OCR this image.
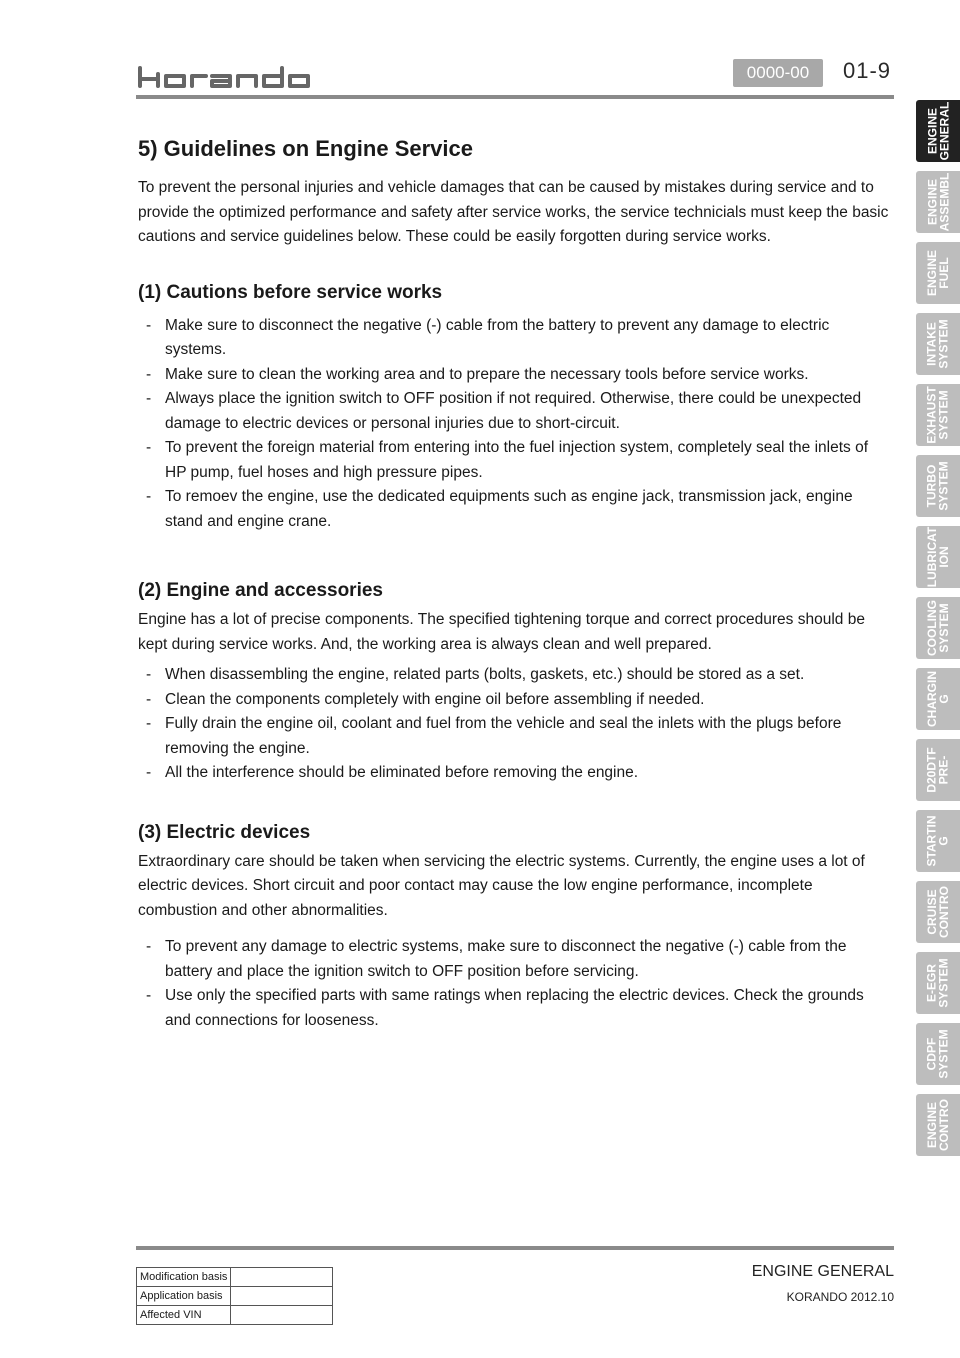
0000-00	01-9
ENGINE
GENERAL
ENGINE
ASSEMBL
ENGINE
FUEL
INTAKE
SYSTEM
EXHAUST
SYSTEM
TURBO
SYSTEM
LUBRICAT
ION
COOLING
SYSTEM
CHARGIN
G
D20DTF
PRE-
STARTIN
G
CRUISE
CONTRO
E-EGR
SYSTEM
CDPF
SYSTEM
ENGINE
CONTRO
5) Guidelines on Engine Service

To prevent the personal injuries and vehicle damages that can be caused by mistakes during service and to provide the optimized performance and safety after service works, the service technicials must keep the basic cautions and service guidelines below. These could be easily forgotten during service works.

(1) Cautions before service works
- Make sure to disconnect the negative (-) cable from the battery to prevent any damage to electric systems.
- Make sure to clean the working area and to prepare the necessary tools before service works.
- Always place the ignition switch to OFF position if not required. Otherwise, there could be unexpected damage to electric devices or personal injuries due to short-circuit.
- To prevent the foreign material from entering into the fuel injection system, completely seal the inlets of HP pump, fuel hoses and high pressure pipes.
- To remoev the engine, use the dedicated equipments such as engine jack, transmission jack, engine stand and engine crane.
(2) Engine and accessories

Engine has a lot of precise components. The specified tightening torque and correct procedures should be kept during service works. And, the working area is always clean and well prepared.

- When disassembling the engine, related parts (bolts, gaskets, etc.) should be stored as a set.
- Clean the components completely with engine oil before assembling if needed.
- Fully drain the engine oil, coolant and fuel from the vehicle and seal the inlets with the plugs before removing the engine.
- All the interference should be eliminated before removing the engine.
(3) Electric devices

Extraordinary care should be taken when servicing the electric systems. Currently, the engine uses a lot of electric devices. Short circuit and poor contact may cause the low engine performance, incomplete combustion and other abnormalities.

- To prevent any damage to electric systems, make sure to disconnect the negative (-) cable from the battery and place the ignition switch to OFF position before servicing.
- Use only the specified parts with same ratings when replacing the electric devices. Check the grounds and connections for looseness.
Modification basis	
Application basis	
Affected VIN	
ENGINE GENERAL
KORANDO 2012.10
